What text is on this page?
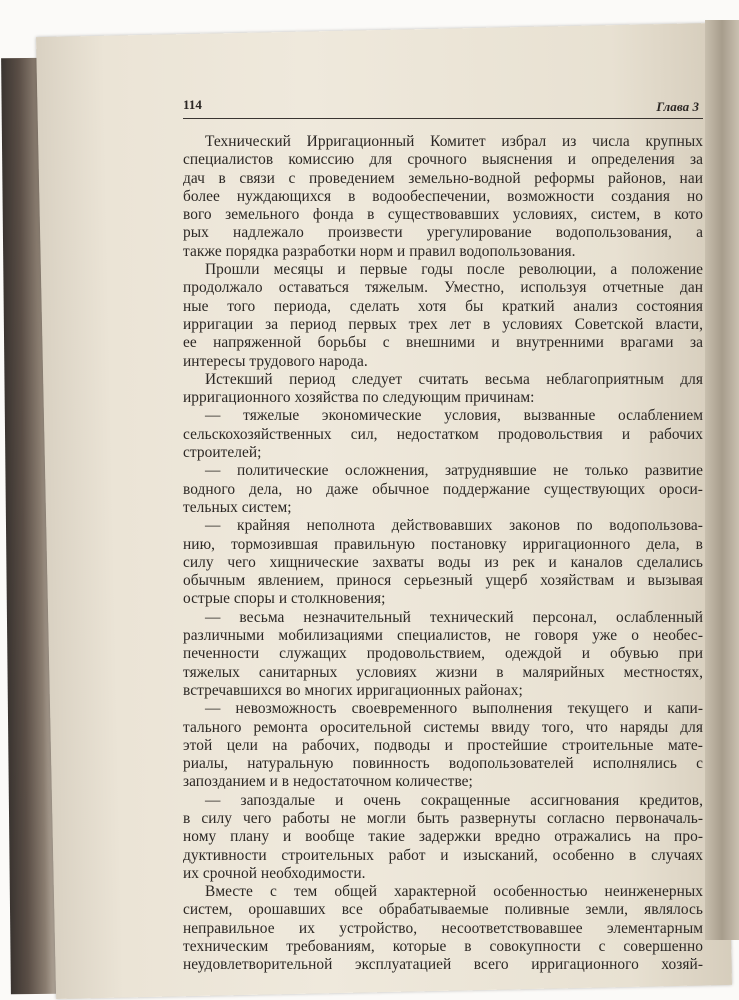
114	Глава 3
Технический Ирригационный Комитет избрал из числа крупных
специалистов комиссию для срочного выяснения и определения за
дач в связи с проведением земельно-водной реформы районов, наи
более нуждающихся в водообеспечении, возможности создания но
вого земельного фонда в существовавших условиях, систем, в кото
рых надлежало произвести урегулирование водопользования, а
также порядка разработки норм и правил водопользования.
Прошли месяцы и первые годы после революции, а положение
продолжало оставаться тяжелым. Уместно, используя отчетные дан
ные того периода, сделать хотя бы краткий анализ состояния
ирригации за период первых трех лет в условиях Советской власти,
ее напряженной борьбы с внешними и внутренними врагами за
интересы трудового народа.
Истекший период следует считать весьма неблагоприятным для
ирригационного хозяйства по следующим причинам:
— тяжелые экономические условия, вызванные ослаблением
сельскохозяйственных сил, недостатком продовольствия и рабочих
строителей;
— политические осложнения, затруднявшие не только развитие
водного дела, но даже обычное поддержание существующих ороси-
тельных систем;
— крайняя неполнота действовавших законов по водопользова-
нию, тормозившая правильную постановку ирригационного дела, в
силу чего хищнические захваты воды из рек и каналов сделались
обычным явлением, принося серьезный ущерб хозяйствам и вызывая
острые споры и столкновения;
— весьма незначительный технический персонал, ослабленный
различными мобилизациями специалистов, не говоря уже о необес-
печенности служащих продовольствием, одеждой и обувью при
тяжелых санитарных условиях жизни в малярийных местностях,
встречавшихся во многих ирригационных районах;
— невозможность своевременного выполнения текущего и капи-
тального ремонта оросительной системы ввиду того, что наряды для
этой цели на рабочих, подводы и простейшие строительные мате-
риалы, натуральную повинность водопользователей исполнялись с
запозданием и в недостаточном количестве;
— запоздалые и очень сокращенные ассигнования кредитов,
в силу чего работы не могли быть развернуты согласно первоначаль-
ному плану и вообще такие задержки вредно отражались на про-
дуктивности строительных работ и изысканий, особенно в случаях
их срочной необходимости.
Вместе с тем общей характерной особенностью неинженерных
систем, орошавших все обрабатываемые поливные земли, являлось
неправильное их устройство, несоответствовавшее элементарным
техническим требованиям, которые в совокупности с совершенно
неудовлетворительной эксплуатацией всего ирригационного хозяй-
